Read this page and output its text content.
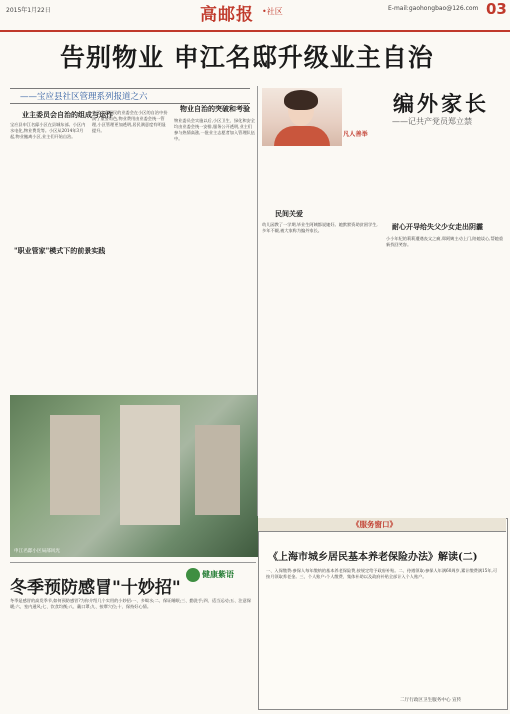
2015年1月22日	高邮报 •社区	E-mail:gaohongbao@126.com 03
告别物业 申江名邸升级业主自治
——宝应县社区管理系列报道之六
业主委员会自治的组成与运作
宝应县申江名邸小区在县城东部。小区内水电化,物业费发等。小区从2014年3月起,物业撤离小区,业主们开始自治。
"职业管家"模式下的前景实践
申江名邸居民的业委会在小区的自治中扮演了重要角色,物业费用由业委会统一管理,小区管理更加透明,居民满意度有明显提升。
物业自治的突破和考验
物业委员会实施以后,小区卫生、绿化和安全均由业委会统一安排,服务公开透明,业主们参与热情高涨,一批业主志愿者加入管理队伍中。
申江名邸小区局部风光
编外家长
——记共产党员郑立禁
凡人善举
民间关爱
幼儿园教了一学期,毕业生阿姨都说她好。她默默资助贫困学生,多年不辍,被大家称为编外家长。	耐心开导给失父少女走出阴霾
小小年纪的莉莉遭遇丧父之痛,郑阿姨主动上门,陪她谈心,帮她重新找回笑容。
冬季预防感冒"十妙招"
健康紫语
冬季是感冒的高发季节,如何预防感冒?为你介绍几个实用的小妙招:一、多喝水;二、保证睡眠;三、勤洗手;四、适当运动;五、注意保暖;六、室内通风;七、饮食均衡;八、戴口罩;九、按摩穴位;十、保持好心情。
《服务窗口》
《上海市城乡居民基本养老保险办法》解读(二)
一、入保缴费:参保人每年缴纳的基本养老保险费,按规定给予政府补贴。二、待遇领取:参保人年满60周岁,累计缴费满15年,可按月领取养老金。三、个人账户:个人缴费、集体补助以及政府补贴全部计入个人账户。
二厅行政区卫生服务中心 宣传
